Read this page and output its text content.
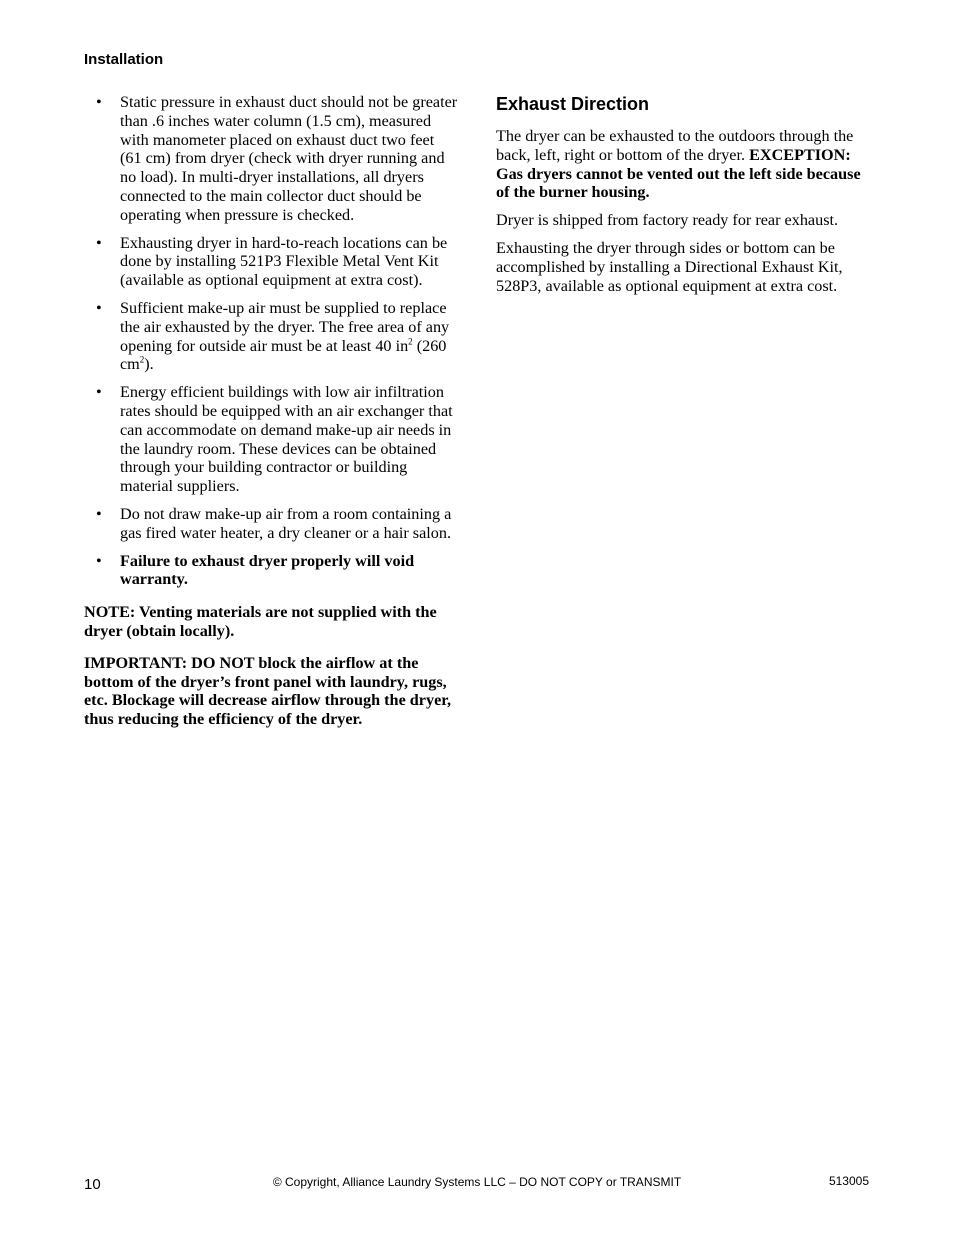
Installation
• Static pressure in exhaust duct should not be greater than .6 inches water column (1.5 cm), measured with manometer placed on exhaust duct two feet (61 cm) from dryer (check with dryer running and no load). In multi-dryer installations, all dryers connected to the main collector duct should be operating when pressure is checked.
• Exhausting dryer in hard-to-reach locations can be done by installing 521P3 Flexible Metal Vent Kit (available as optional equipment at extra cost).
• Sufficient make-up air must be supplied to replace the air exhausted by the dryer. The free area of any opening for outside air must be at least 40 $in^2$ (260 $cm^2$).
• Energy efficient buildings with low air infiltration rates should be equipped with an air exchanger that can accommodate on demand make-up air needs in the laundry room. These devices can be obtained through your building contractor or building material suppliers.
• Do not draw make-up air from a room containing a gas fired water heater, a dry cleaner or a hair salon.
• Failure to exhaust dryer properly will void warranty.

NOTE: Venting materials are not supplied with the dryer (obtain locally).

IMPORTANT: DO NOT block the airflow at the bottom of the dryer’s front panel with laundry, rugs, etc. Blockage will decrease airflow through the dryer, thus reducing the efficiency of the dryer.

Exhaust Direction

The dryer can be exhausted to the outdoors through the back, left, right or bottom of the dryer. EXCEPTION: Gas dryers cannot be vented out the left side because of the burner housing.

Dryer is shipped from factory ready for rear exhaust.

Exhausting the dryer through sides or bottom can be accomplished by installing a Directional Exhaust Kit, 528P3, available as optional equipment at extra cost.

10	© Copyright, Alliance Laundry Systems LLC – DO NOT COPY or TRANSMIT	513005
